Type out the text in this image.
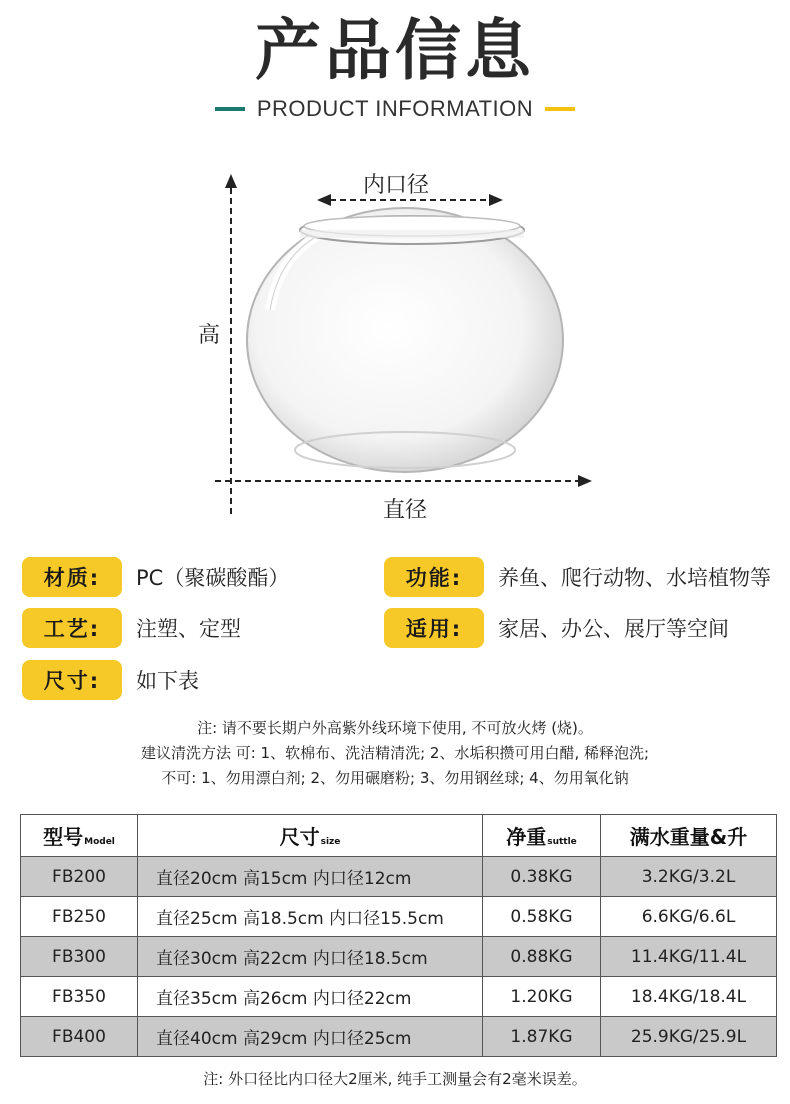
产品信息
PRODUCT INFORMATION
内口径
高
直径
材质:	PC（聚碳酸酯）	功能:	养鱼、爬行动物、水培植物等
工艺:	注塑、定型	适用:	家居、办公、展厅等空间
尺寸:	如下表
注: 请不要长期户外高紫外线环境下使用, 不可放火烤 (烧)。
建议清洗方法 可: 1、软棉布、洗洁精清洗; 2、水垢积攒可用白醋, 稀释泡洗;
不可: 1、勿用漂白剂; 2、勿用碾磨粉; 3、勿用钢丝球; 4、勿用氧化钠
型号Model	尺寸size	净重suttle	满水重量&升
FB200	直径20cm 高15cm 内口径12cm	0.38KG	3.2KG/3.2L
FB250	直径25cm 高18.5cm 内口径15.5cm	0.58KG	6.6KG/6.6L
FB300	直径30cm 高22cm 内口径18.5cm	0.88KG	11.4KG/11.4L
FB350	直径35cm 高26cm 内口径22cm	1.20KG	18.4KG/18.4L
FB400	直径40cm 高29cm 内口径25cm	1.87KG	25.9KG/25.9L
注: 外口径比内口径大2厘米, 纯手工测量会有2毫米误差。
